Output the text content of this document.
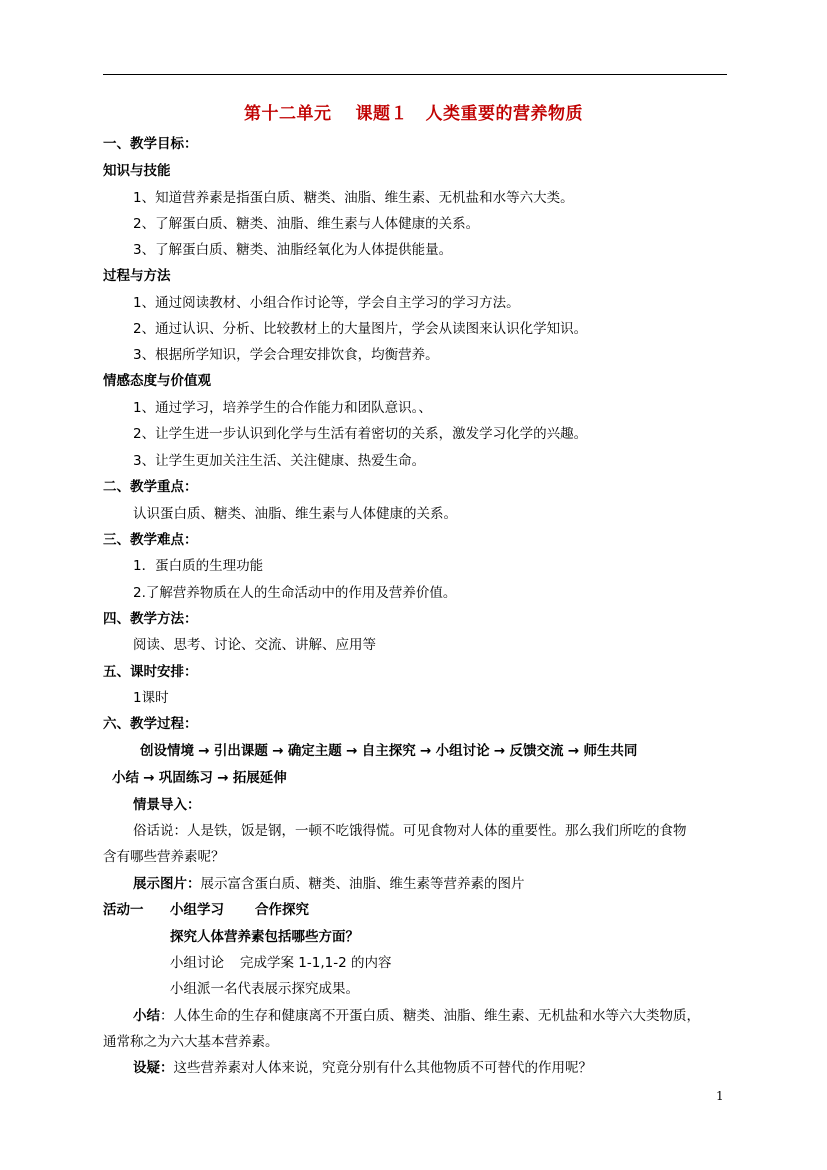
第十二单元　 课题１　人类重要的营养物质
一、教学目标：
知识与技能
1、知道营养素是指蛋白质、糖类、油脂、维生素、无机盐和水等六大类。
2、了解蛋白质、糖类、油脂、维生素与人体健康的关系。
3、了解蛋白质、糖类、油脂经氧化为人体提供能量。
过程与方法
1、通过阅读教材、小组合作讨论等，学会自主学习的学习方法。
2、通过认识、分析、比较教材上的大量图片，学会从读图来认识化学知识。
3、根据所学知识，学会合理安排饮食，均衡营养。
情感态度与价值观
1、通过学习，培养学生的合作能力和团队意识。、
2、让学生进一步认识到化学与生活有着密切的关系，激发学习化学的兴趣。
3、让学生更加关注生活、关注健康、热爱生命。
二、教学重点：
认识蛋白质、糖类、油脂、维生素与人体健康的关系。
三、教学难点：
1．蛋白质的生理功能
2.了解营养物质在人的生命活动中的作用及营养价值。
四、教学方法：
阅读、思考、讨论、交流、讲解、应用等
五、课时安排：
1课时
六、教学过程：
创设情境 → 引出课题 → 确定主题 → 自主探究 → 小组讨论 → 反馈交流 → 师生共同
小结 → 巩固练习 → 拓展延伸
情景导入：
俗话说：人是铁，饭是钢，一顿不吃饿得慌。可见食物对人体的重要性。那么我们所吃的食物
含有哪些营养素呢？
展示图片：展示富含蛋白质、糖类、油脂、维生素等营养素的图片
活动一 小组学习 合作探究
探究人体营养素包括哪些方面？
小组讨论 完成学案 1-1,1-2 的内容
小组派一名代表展示探究成果。
小结：人体生命的生存和健康离不开蛋白质、糖类、油脂、维生素、无机盐和水等六大类物质，
通常称之为六大基本营养素。
设疑：这些营养素对人体来说，究竟分别有什么其他物质不可替代的作用呢？
1
